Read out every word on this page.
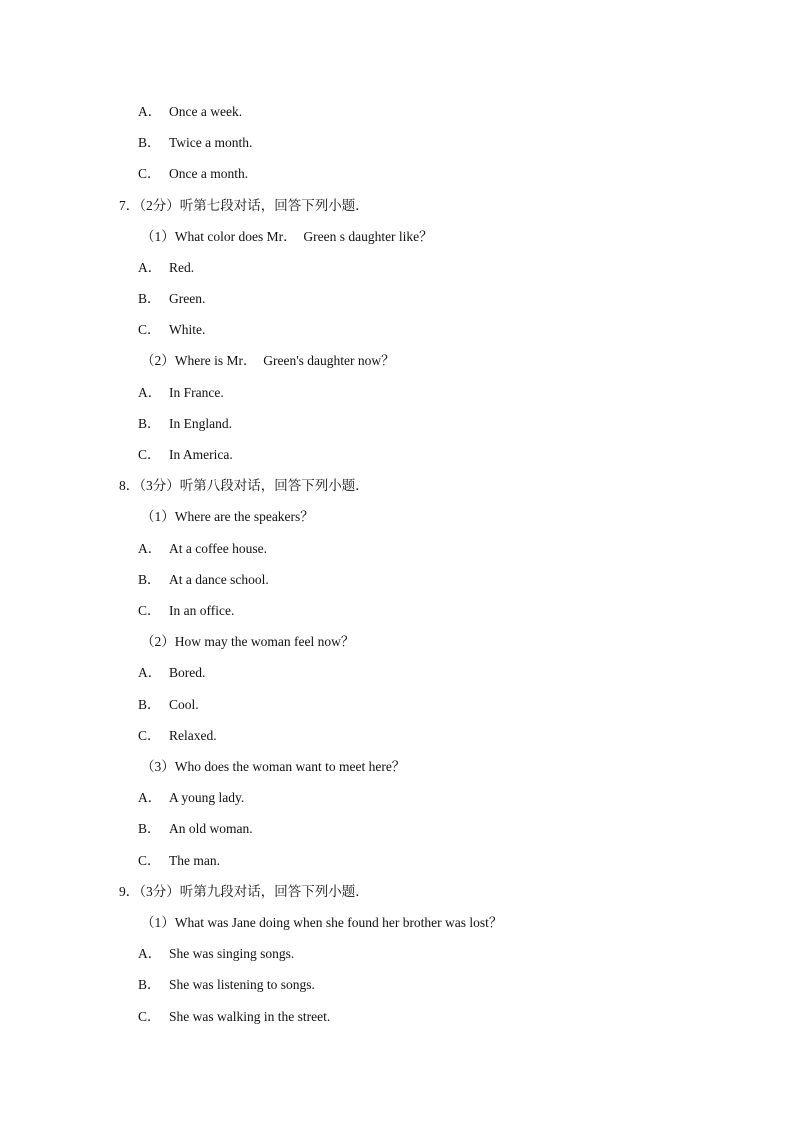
A． Once a week.
B． Twice a month.
C． Once a month.
7．（2分）听第七段对话，回答下列小题．
（1）What color does Mr．  Green s daughter like？
A． Red.
B． Green.
C． White.
（2）Where is Mr．  Green's daughter now？
A． In France.
B． In England.
C． In America.
8．（3分）听第八段对话，回答下列小题．
（1）Where are the speakers？
A． At a coffee house.
B． At a dance school.
C． In an office.
（2）How may the woman feel now？
A． Bored.
B． Cool.
C． Relaxed.
（3）Who does the woman want to meet here？
A． A young lady.
B． An old woman.
C． The man.
9．（3分）听第九段对话，回答下列小题．
（1）What was Jane doing when she found her brother was lost？
A． She was singing songs.
B． She was listening to songs.
C． She was walking in the street.
